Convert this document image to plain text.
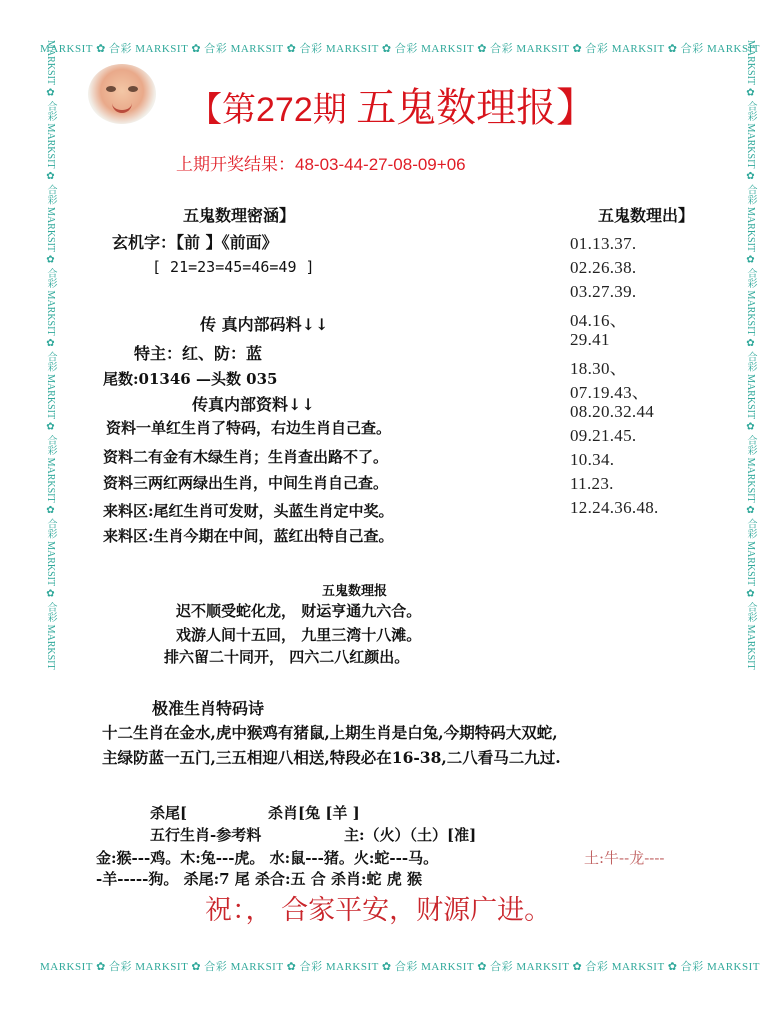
MARKSIT ✿ 合彩 MARKSIT ✿ 合彩 MARKSIT ✿ 合彩 MARKSIT ✿ 合彩 MARKSIT ✿ 合彩 MARKSIT ✿ 合彩 MARKSIT ✿ 合彩 MARKSIT
MARKSIT ✿ 合彩 MARKSIT ✿ 合彩 MARKSIT ✿ 合彩 MARKSIT ✿ 合彩 MARKSIT ✿ 合彩 MARKSIT ✿ 合彩 MARKSIT ✿ 合彩 MARKSIT
MARKSIT ✿ 合彩 MARKSIT ✿ 合彩 MARKSIT ✿ 合彩 MARKSIT ✿ 合彩 MARKSIT ✿ 合彩 MARKSIT ✿ 合彩 MARKSIT ✿ 合彩 MARKSIT
MARKSIT ✿ 合彩 MARKSIT ✿ 合彩 MARKSIT ✿ 合彩 MARKSIT ✿ 合彩 MARKSIT ✿ 合彩 MARKSIT ✿ 合彩 MARKSIT ✿ 合彩 MARKSIT
【第272期 五鬼数理报】
上期开奖结果：48-03-44-27-08-09+06
五鬼数理密涵】
玄机字：【前 】《前面》
[ 21=23=45=46=49 ]
传 真内部码料↓↓
特主：红、防：蓝
尾数:01346 —头数 035
传真内部资料↓↓
资料一单红生肖了特码，右边生肖自己查。
资料二有金有木绿生肖；生肖查出路不了。
资料三两红两绿出生肖，中间生肖自己查。
来料区:尾红生肖可发财，头蓝生肖定中奖。
来料区:生肖今期在中间，蓝红出特自己查。
五鬼数理出】
01.13.37.
02.26.38.
03.27.39.
04.16、
29.41
18.30、
07.19.43、
08.20.32.44
09.21.45.
10.34.
11.23.
12.24.36.48.
五鬼数理报
迟不顺受蛇化龙， 财运亨通九六合。
戏游人间十五回， 九里三湾十八滩。
排六留二十同开， 四六二八红颜出。
极准生肖特码诗
十二生肖在金水,虎中猴鸡有猪鼠,上期生肖是白兔,今期特码大双蛇,
主绿防蓝一五门,三五相迎八相送,特段必在16-38,二八看马二九过.
杀尾[	杀肖[兔 [羊 ]
五行生肖-参考料	主:（火）（土）[准]
金:猴---鸡。木:兔---虎。 水:鼠---猪。火:蛇---马。	土:牛--龙----
-羊-----狗。 杀尾:7 尾 杀合:五 合 杀肖:蛇 虎 猴
祝：， 合家平安，财源广进。
